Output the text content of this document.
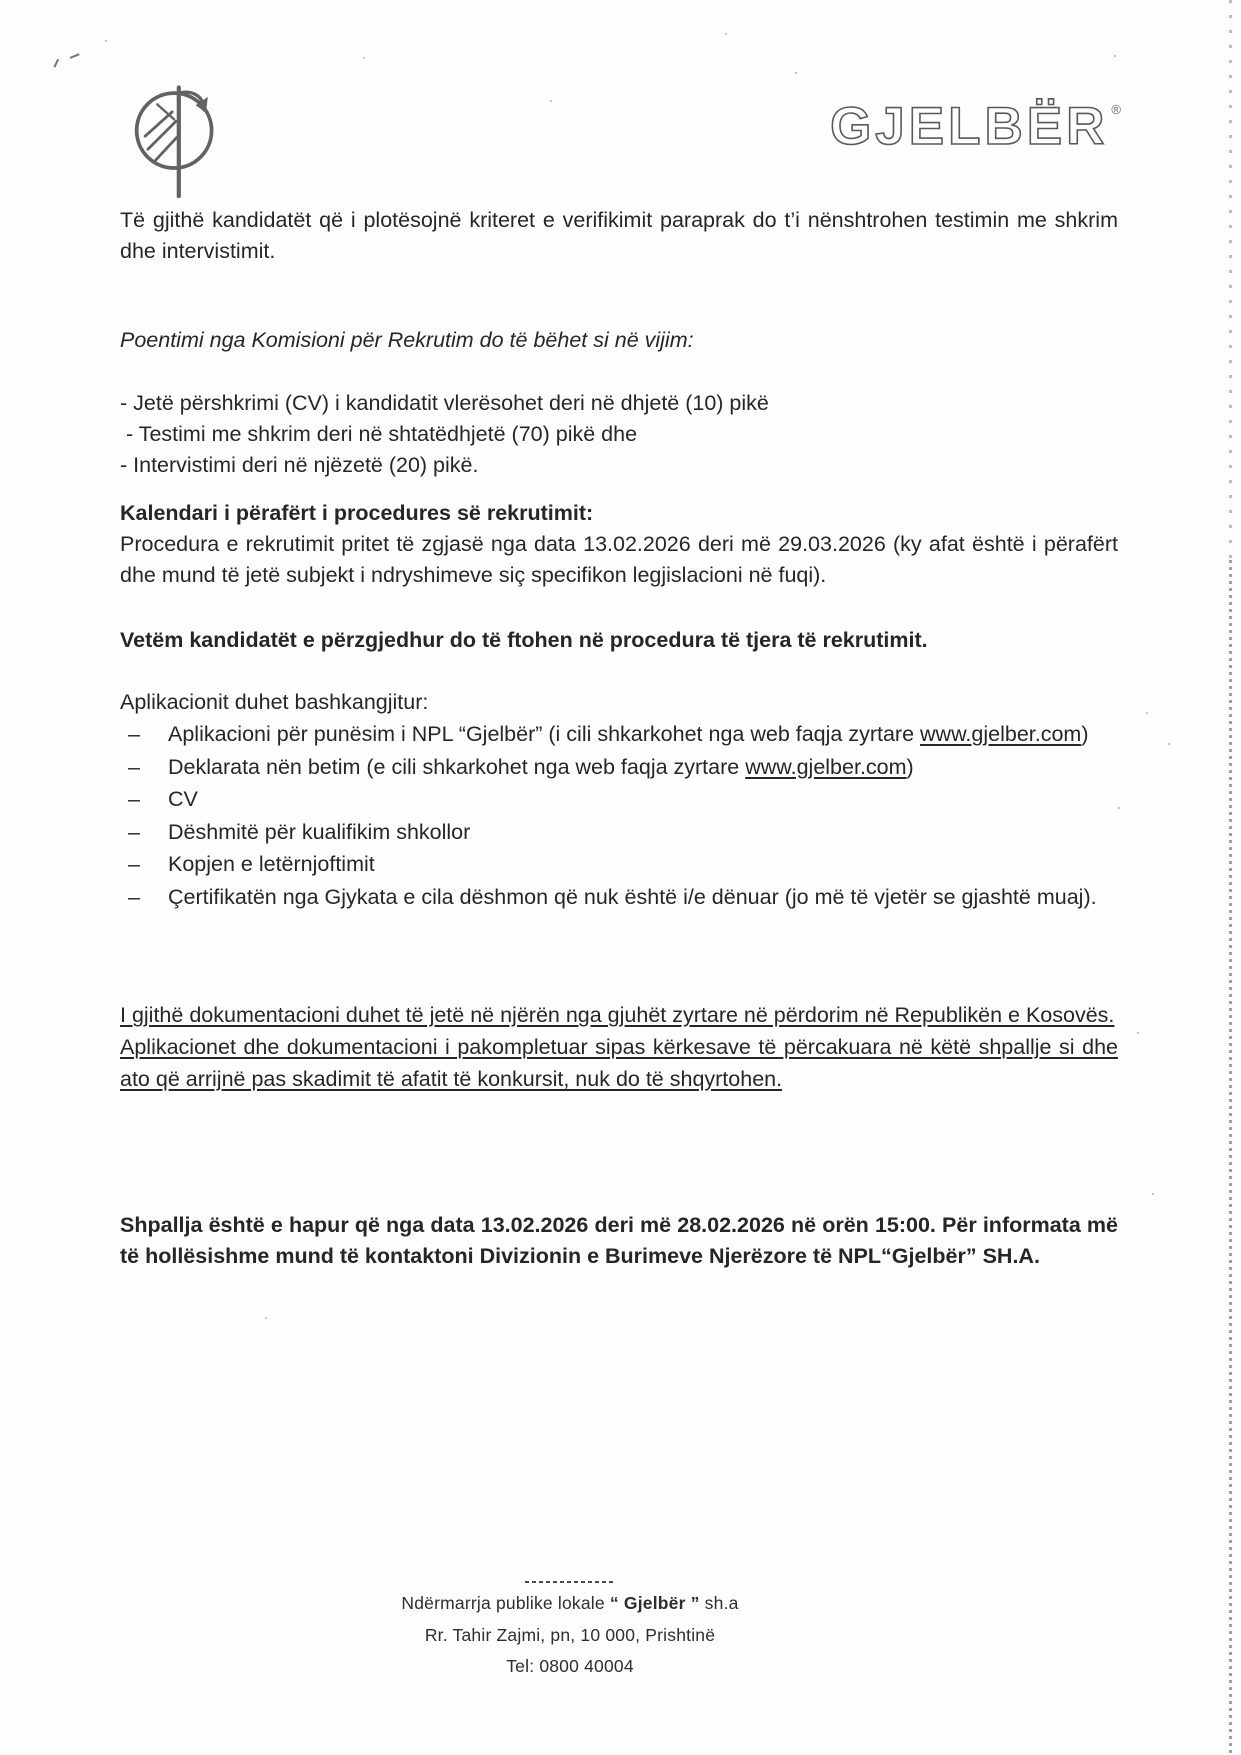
GJELBËR ®

Të gjithë kandidatët që i plotësojnë kriteret e verifikimit paraprak do t’i nënshtrohen testimin me shkrim dhe intervistimit.

Poentimi nga Komisioni për Rekrutim do të bëhet si në vijim:

- Jetë përshkrimi (CV) i kandidatit vlerësohet deri në dhjetë (10) pikë
- Testimi me shkrim deri në shtatëdhjetë (70) pikë dhe
- Intervistimi deri në njëzetë (20) pikë.
Kalendari i përafërt i procedures së rekrutimit:
Procedura e rekrutimit pritet të zgjasë nga data 13.02.2026 deri më 29.03.2026 (ky afat është i përafërt dhe mund të jetë subjekt i ndryshimeve siç specifikon legjislacioni në fuqi).

Vetëm kandidatët e përzgjedhur do të ftohen në procedura të tjera të rekrutimit.

Aplikacionit duhet bashkangjitur:

– Aplikacioni për punësim i NPL “Gjelbër” (i cili shkarkohet nga web faqja zyrtare www.gjelber.com)
– Deklarata nën betim (e cili shkarkohet nga web faqja zyrtare www.gjelber.com)
– CV
– Dëshmitë për kualifikim shkollor
– Kopjen e letërnjoftimit
– Çertifikatën nga Gjykata e cila dëshmon që nuk është i/e dënuar (jo më të vjetër se gjashtë muaj).
I gjithë dokumentacioni duhet të jetë në njërën nga gjuhët zyrtare në përdorim në Republikën e Kosovës.
Aplikacionet dhe dokumentacioni i pakompletuar sipas kërkesave të përcakuara në këtë shpallje si dhe ato që arrijnë pas skadimit të afatit të konkursit, nuk do të shqyrtohen.

Shpallja është e hapur që nga data 13.02.2026 deri më 28.02.2026 në orën 15:00. Për informata më të hollësishme mund të kontaktoni Divizionin e Burimeve Njerëzore të NPL“Gjelbër” SH.A.

Ndërmarrja publike lokale “ Gjelbër ” sh.a
Rr. Tahir Zajmi, pn, 10 000, Prishtinë
Tel: 0800 40004
